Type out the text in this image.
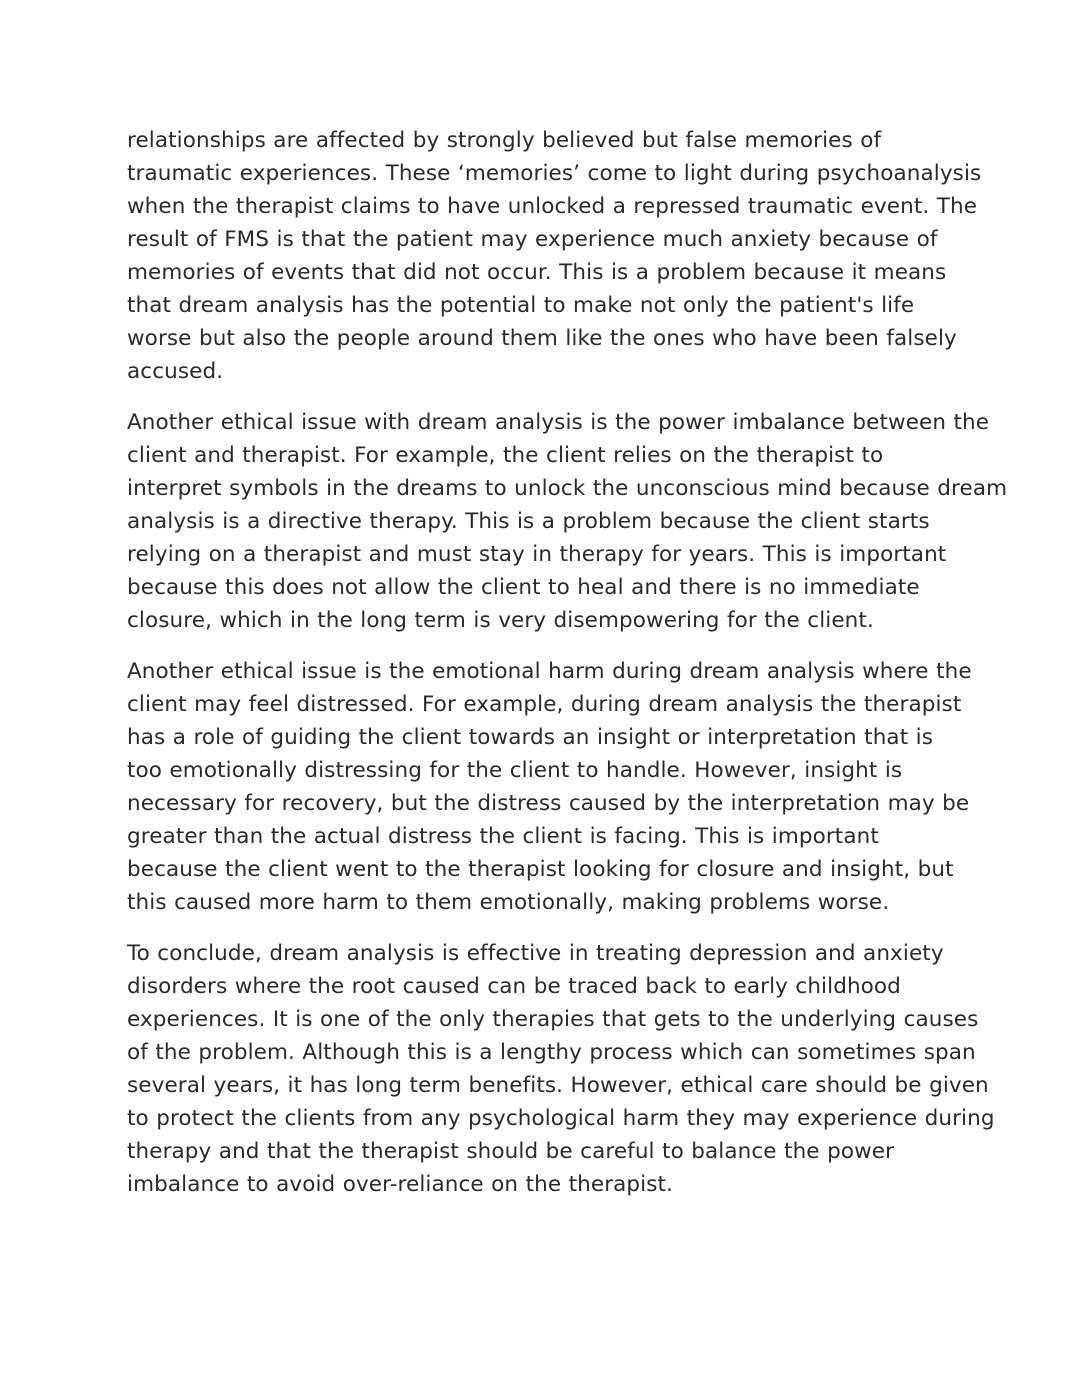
relationships are affected by strongly believed but false memories of
traumatic experiences. These ‘memories’ come to light during psychoanalysis
when the therapist claims to have unlocked a repressed traumatic event. The
result of FMS is that the patient may experience much anxiety because of
memories of events that did not occur. This is a problem because it means
that dream analysis has the potential to make not only the patient's life
worse but also the people around them like the ones who have been falsely
accused.

Another ethical issue with dream analysis is the power imbalance between the
client and therapist. For example, the client relies on the therapist to
interpret symbols in the dreams to unlock the unconscious mind because dream
analysis is a directive therapy. This is a problem because the client starts
relying on a therapist and must stay in therapy for years. This is important
because this does not allow the client to heal and there is no immediate
closure, which in the long term is very disempowering for the client.

Another ethical issue is the emotional harm during dream analysis where the
client may feel distressed. For example, during dream analysis the therapist
has a role of guiding the client towards an insight or interpretation that is
too emotionally distressing for the client to handle. However, insight is
necessary for recovery, but the distress caused by the interpretation may be
greater than the actual distress the client is facing. This is important
because the client went to the therapist looking for closure and insight, but
this caused more harm to them emotionally, making problems worse.

To conclude, dream analysis is effective in treating depression and anxiety
disorders where the root caused can be traced back to early childhood
experiences. It is one of the only therapies that gets to the underlying causes
of the problem. Although this is a lengthy process which can sometimes span
several years, it has long term benefits. However, ethical care should be given
to protect the clients from any psychological harm they may experience during
therapy and that the therapist should be careful to balance the power
imbalance to avoid over-reliance on the therapist.
